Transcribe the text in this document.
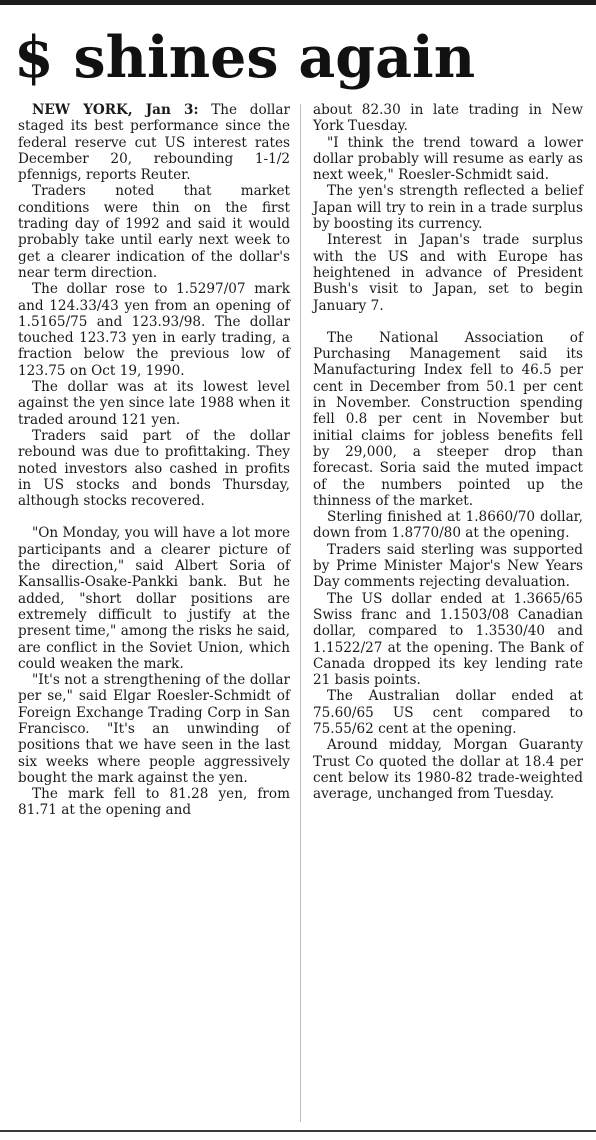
$ shines again

NEW YORK, Jan 3: The dollar staged its best performance since the federal reserve cut US interest rates December 20, rebounding 1-1/2 pfennigs, reports Reuter.

Traders noted that market conditions were thin on the first trading day of 1992 and said it would probably take until early next week to get a clearer indication of the dollar's near term direction.

The dollar rose to 1.5297/07 mark and 124.33/43 yen from an opening of 1.5165/75 and 123.93/98. The dollar touched 123.73 yen in early trading, a fraction below the previous low of 123.75 on Oct 19, 1990.

The dollar was at its lowest level against the yen since late 1988 when it traded around 121 yen.

Traders said part of the dollar rebound was due to profittaking. They noted investors also cashed in profits in US stocks and bonds Thursday, although stocks recovered.

"On Monday, you will have a lot more participants and a clearer picture of the direction," said Albert Soria of Kansallis-Osake-Pankki bank. But he added, "short dollar positions are extremely difficult to justify at the present time," among the risks he said, are conflict in the Soviet Union, which could weaken the mark.

"It's not a strengthening of the dollar per se," said Elgar Roesler-Schmidt of Foreign Exchange Trading Corp in San Francisco. "It's an unwinding of positions that we have seen in the last six weeks where people aggressively bought the mark against the yen.

The mark fell to 81.28 yen, from 81.71 at the opening and

about 82.30 in late trading in New York Tuesday.

"I think the trend toward a lower dollar probably will resume as early as next week," Roesler-Schmidt said.

The yen's strength reflected a belief Japan will try to rein in a trade surplus by boosting its currency.

Interest in Japan's trade surplus with the US and with Europe has heightened in advance of President Bush's visit to Japan, set to begin January 7.

The National Association of Purchasing Management said its Manufacturing Index fell to 46.5 per cent in December from 50.1 per cent in November. Construction spending fell 0.8 per cent in November but initial claims for jobless benefits fell by 29,000, a steeper drop than forecast. Soria said the muted impact of the numbers pointed up the thinness of the market.

Sterling finished at 1.8660/70 dollar, down from 1.8770/80 at the opening.

Traders said sterling was supported by Prime Minister Major's New Years Day comments rejecting devaluation.

The US dollar ended at 1.3665/65 Swiss franc and 1.1503/08 Canadian dollar, compared to 1.3530/40 and 1.1522/27 at the opening. The Bank of Canada dropped its key lending rate 21 basis points.

The Australian dollar ended at 75.60/65 US cent compared to 75.55/62 cent at the opening.

Around midday, Morgan Guaranty Trust Co quoted the dollar at 18.4 per cent below its 1980-82 trade-weighted average, unchanged from Tuesday.
